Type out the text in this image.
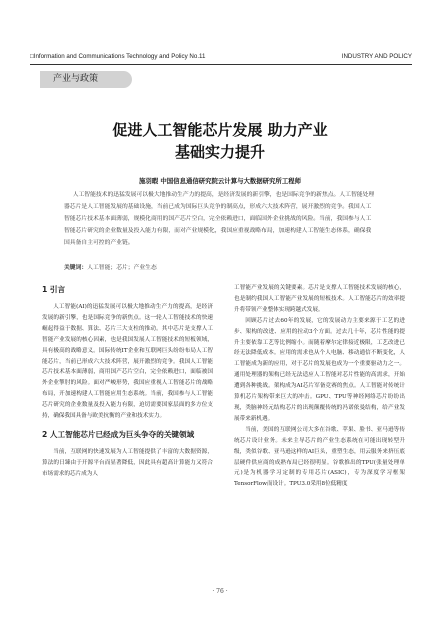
□Information and Communications Technology and Policy No.11	INDUSTRY AND POLICY
产业与政策
促进人工智能芯片发展 助力产业
基础实力提升
施羽暇 中国信息通信研究院云计算与大数据研究所工程师
人工智能技术的迅猛发展可以极大地推动生产力的提高，是经济发展的新引擎，也是国际竞争的新焦点。人工智能处理器芯片是人工智能发展的基础设施，当前已成为国际巨头竞争的制高点，形成六大技术阵营，展开激烈的竞争。我国人工智能芯片技术基本面薄弱，规模化商用的国产芯片空白，完全依赖进口，面临国外企业挑战的风险。当前，我国参与人工智能芯片研究的企业数量及投入能力有限，而对产业规模化，我国应重视战略布局，加速构建人工智能生态体系，确保我国具备自主可控的产业链。
关键词：人工智能；芯片；产业生态
1 引言

人工智能(AI)的迅猛发展可以极大地推动生产力的提高，是经济发展的新引擎，也是国际竞争的新焦点。这一轮人工智能技术的快速崛起得益于数据、算法、芯片三大支柱的推动。其中芯片是支撑人工智能产业发展的核心因素，也是我国发展人工智能技术的短板领域，具有极高的战略意义。国际传统IT企业和互联网巨头纷纷布局人工智能芯片，当前已形成六大技术阵营，展开激烈的竞争。我国人工智能芯片技术基本面薄弱，商用国产芯片空白，完全依赖进口，面临被国外企业掣肘的风险。面对严峻形势，我国应重视人工智能芯片的战略布局，开加速构建人工智能应用生态系统。当前，我国参与人工智能芯片研究的企业数量及投入能力有限，迫切需要国家层面的多方位支持，确保我国具备与欧美抗衡的产业和技术实力。

2 人工智能芯片已经成为巨头争夺的关键领域

当前，互联网的快速发展为人工智能提供了丰富的大数据资源，算法的日臻由于开源平台而显著降低，因此具有超高计算能力又符合市场需求的芯片成为人

工智能产业发展的关键要素。芯片是支撑人工智能技术发展的核心，也是制约我国人工智能产业发展的短板技术。人工智能芯片的效率提升将带领产业整体实现跨越式发展。

回顾芯片过去60年的发展，它的发展动力主要来源于工艺的进步、架构的改进、应用的拉动3个方面。过去几十年，芯片性能的提升主要依靠工艺等比例缩小。而随着摩尔定律接近极限，工艺改进已经无法降低成本。应用的需求也从个人电脑、移动通信不断变化，人工智能成为新的应用，对于芯片的发展也成为一个重要驱动力之一。通用处理器的架构已经无法适应人工智能对芯片性能的高需求，开始遭到各种挑战。架构成为AI芯片军备竞赛的焦点。人工智能对传统计算机芯片架构带来巨大的冲击。GPU、TPU等神经网络芯片纷纷出现，类脑神经元结构芯片的出现颠覆传统的冯诺依曼结构，给产业发展带来新机遇。

当前，美国的互联网公司大多在谷歌、苹果、脸书、亚马逊等传统芯片设计业务。未来主导芯片的产业生态系统在可能出现转型升级，类似谷歌、亚马逊这样的AI巨头，重塑生态，用云服务来挤压底层硬件供应商的成熟布局已经很明显。谷歌推出的TPU(张量处理单元)是为机器学习定制的专用芯片(ASIC)，专为深度学习框架TensorFlow而设计。TPU3.0采用8位低精度

· 76 ·
